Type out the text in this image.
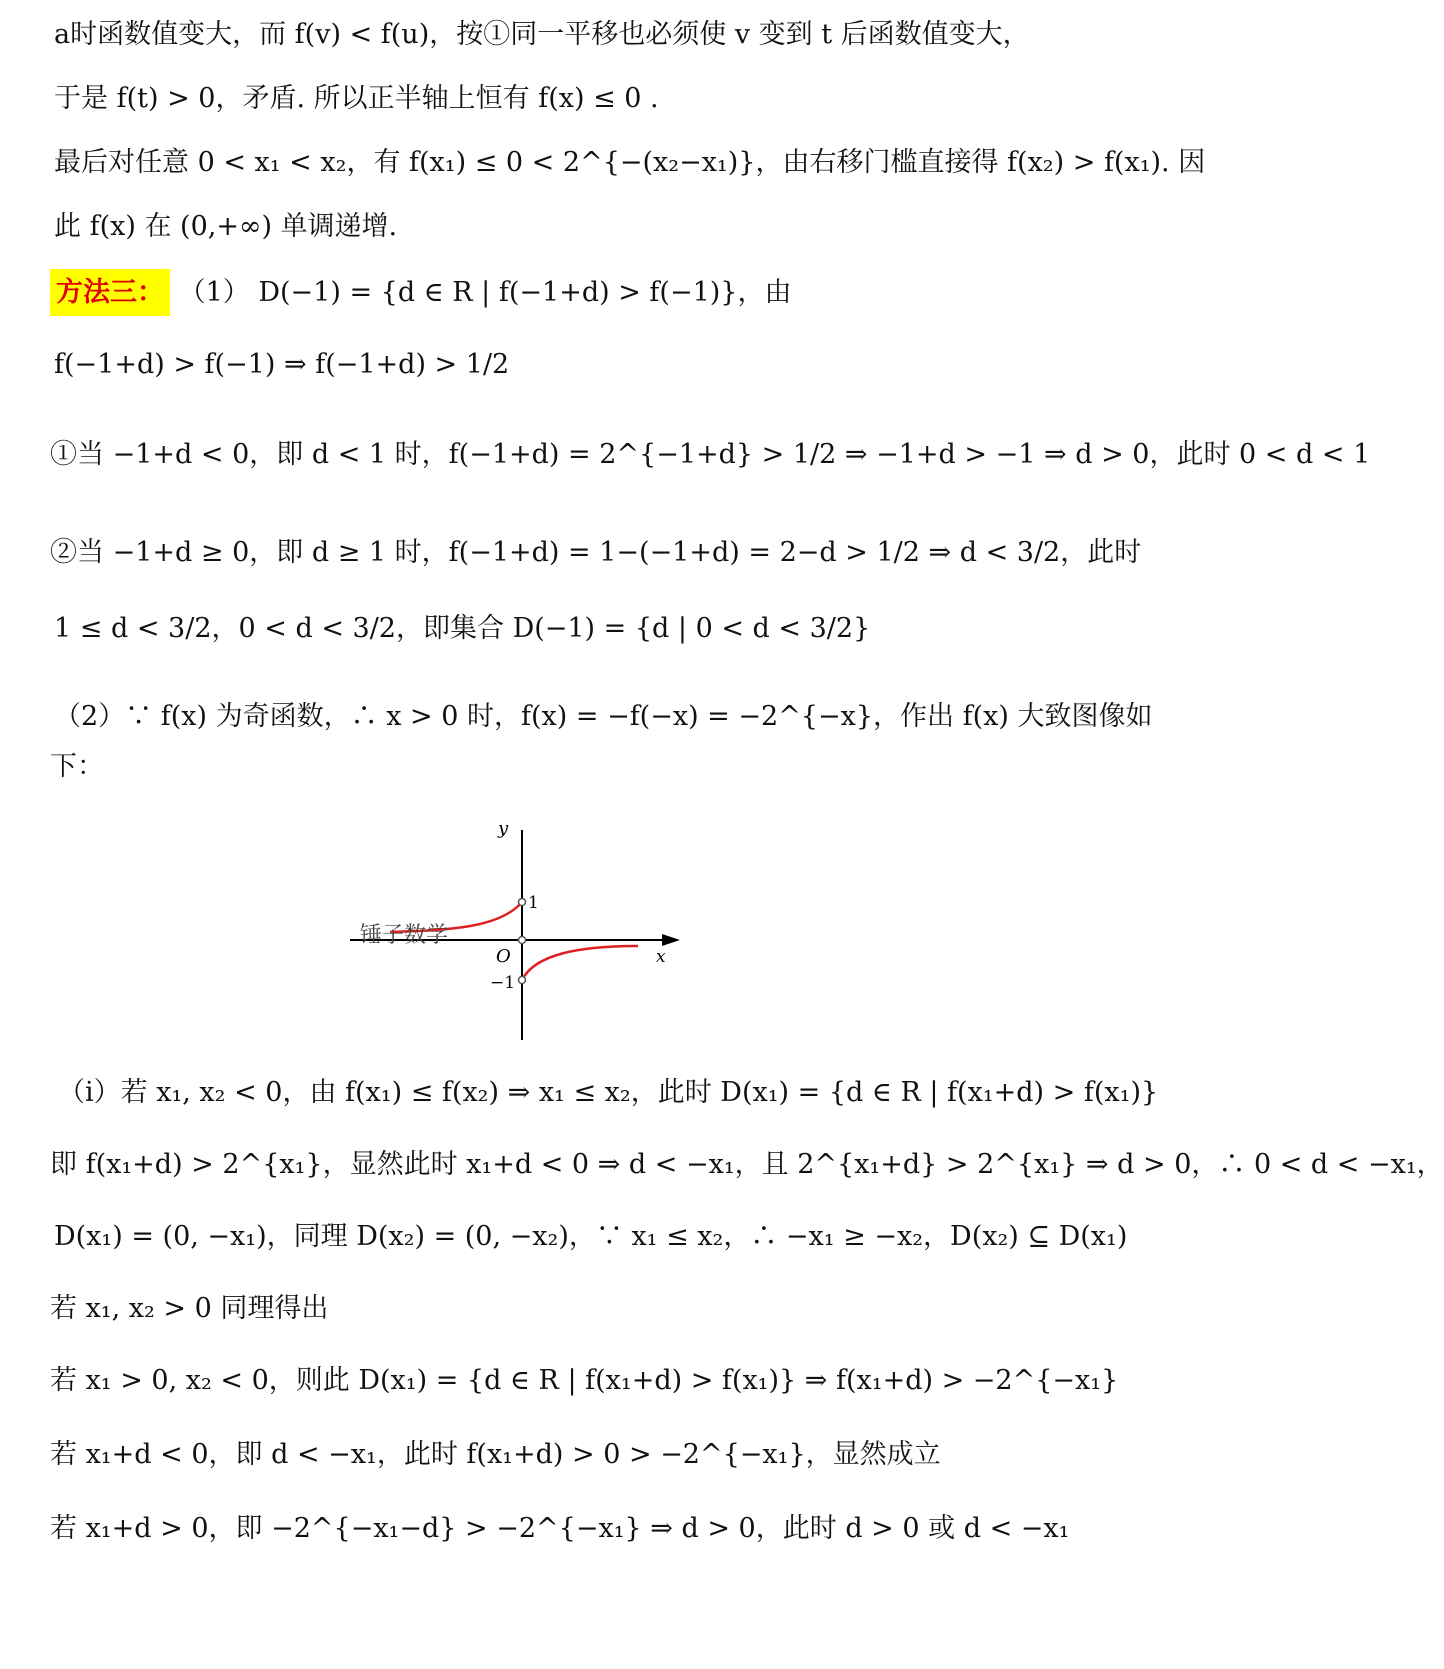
a时函数值变大，而 f(v) < f(u)，按①同一平移也必须使 v 变到 t 后函数值变大，
于是 f(t) > 0，矛盾. 所以正半轴上恒有 f(x) ≤ 0 .
最后对任意 0 < x₁ < x₂，有 f(x₁) ≤ 0 < 2^{−(x₂−x₁)}，由右移门槛直接得 f(x₂) > f(x₁). 因
此 f(x) 在 (0,+∞) 单调递增.
方法三： （1） D(−1) = {d ∈ R | f(−1+d) > f(−1)}，由
f(−1+d) > f(−1) ⇒ f(−1+d) > 1/2
①当 −1+d < 0，即 d < 1 时，f(−1+d) = 2^{−1+d} > 1/2 ⇒ −1+d > −1 ⇒ d > 0，此时 0 < d < 1
②当 −1+d ≥ 0，即 d ≥ 1 时，f(−1+d) = 1−(−1+d) = 2−d > 1/2 ⇒ d < 3/2，此时
1 ≤ d < 3/2，0 < d < 3/2，即集合 D(−1) = {d | 0 < d < 3/2}
（2）∵ f(x) 为奇函数，∴ x > 0 时，f(x) = −f(−x) = −2^{−x}，作出 f(x) 大致图像如
下：
y
x
O
1
−1
锤子数学
（i）若 x₁, x₂ < 0，由 f(x₁) ≤ f(x₂) ⇒ x₁ ≤ x₂，此时 D(x₁) = {d ∈ R | f(x₁+d) > f(x₁)}
即 f(x₁+d) > 2^{x₁}，显然此时 x₁+d < 0 ⇒ d < −x₁，且 2^{x₁+d} > 2^{x₁} ⇒ d > 0，∴ 0 < d < −x₁，
D(x₁) = (0, −x₁)，同理 D(x₂) = (0, −x₂)，∵ x₁ ≤ x₂，∴ −x₁ ≥ −x₂，D(x₂) ⊆ D(x₁)
若 x₁, x₂ > 0 同理得出
若 x₁ > 0, x₂ < 0，则此 D(x₁) = {d ∈ R | f(x₁+d) > f(x₁)} ⇒ f(x₁+d) > −2^{−x₁}
若 x₁+d < 0，即 d < −x₁，此时 f(x₁+d) > 0 > −2^{−x₁}，显然成立
若 x₁+d > 0，即 −2^{−x₁−d} > −2^{−x₁} ⇒ d > 0，此时 d > 0 或 d < −x₁
